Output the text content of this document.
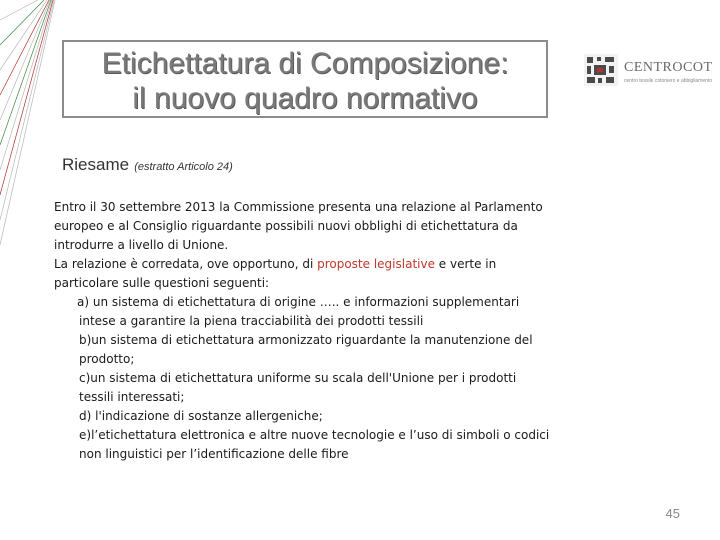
Etichettatura di Composizione:
il nuovo quadro normativo
CENTROCOT
centro tessile cotoniero e abbigliamento
Riesame (estratto Articolo 24)

Entro il 30 settembre 2013 la Commissione presenta una relazione al Parlamento

europeo e al Consiglio riguardante possibili nuovi obblighi di etichettatura da

introdurre a livello di Unione.

La relazione è corredata, ove opportuno, di proposte legislative e verte in

particolare sulle questioni seguenti:

a) un sistema di etichettatura di origine ….. e informazioni supplementari

intese a garantire la piena tracciabilità dei prodotti tessili

b)un sistema di etichettatura armonizzato riguardante la manutenzione del

prodotto;

c)un sistema di etichettatura uniforme su scala dell'Unione per i prodotti

tessili interessati;

d) l'indicazione di sostanze allergeniche;

e)l’etichettatura elettronica e altre nuove tecnologie e l’uso di simboli o codici

non linguistici per l’identificazione delle fibre

45
